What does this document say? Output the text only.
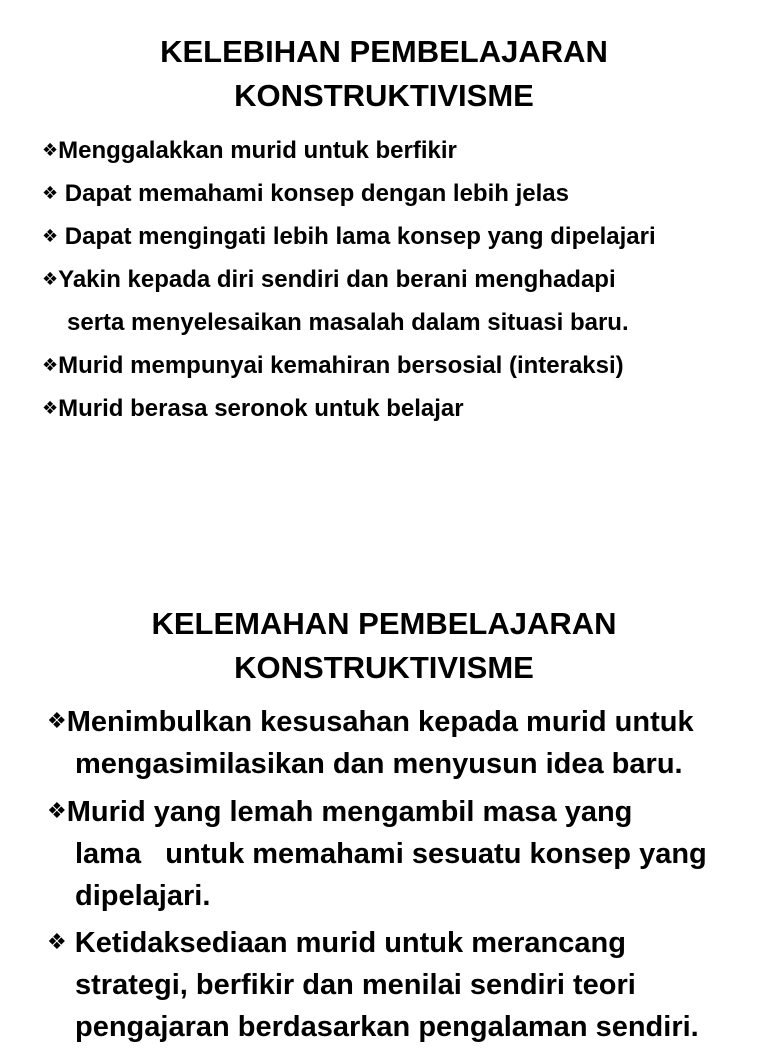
KELEBIHAN PEMBELAJARAN
KONSTRUKTIVISME
❖Menggalakkan murid untuk berfikir
❖ Dapat memahami konsep dengan lebih jelas
❖ Dapat mengingati lebih lama konsep yang dipelajari
❖Yakin kepada diri sendiri dan berani menghadapi
serta menyelesaikan masalah dalam situasi baru.
❖Murid mempunyai kemahiran bersosial (interaksi)
❖Murid berasa seronok untuk belajar
KELEMAHAN PEMBELAJARAN
KONSTRUKTIVISME
❖Menimbulkan kesusahan kepada murid untuk
mengasimilasikan dan menyusun idea baru.
❖Murid yang lemah mengambil masa yang
lama   untuk memahami sesuatu konsep yang
dipelajari.
❖ Ketidaksediaan murid untuk merancang
strategi, berfikir dan menilai sendiri teori
pengajaran berdasarkan pengalaman sendiri.
